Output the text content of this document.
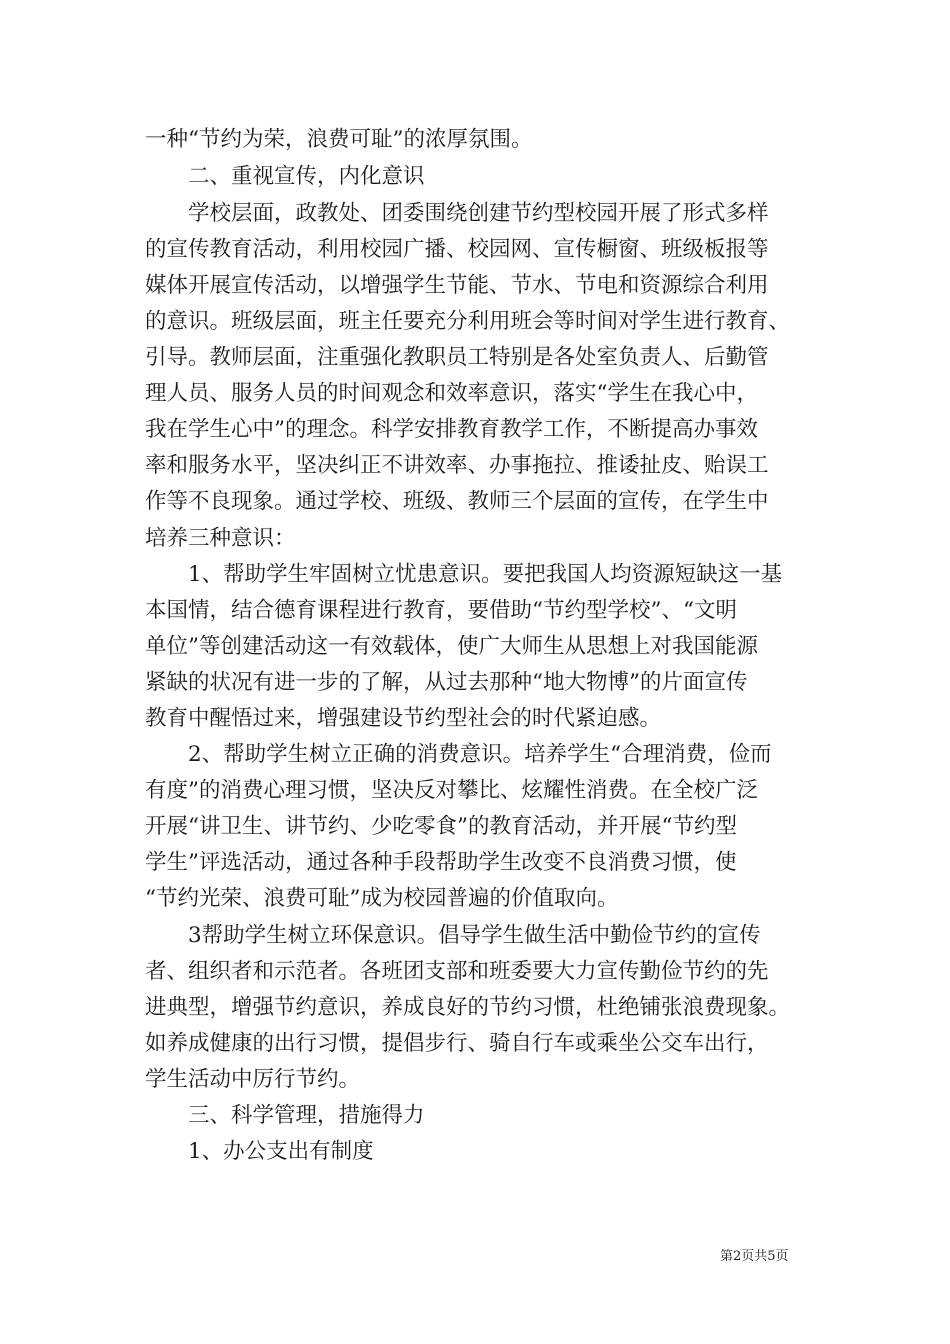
一种“节约为荣，浪费可耻”的浓厚氛围。
　　二、重视宣传，内化意识
　　学校层面，政教处、团委围绕创建节约型校园开展了形式多样
的宣传教育活动，利用校园广播、校园网、宣传橱窗、班级板报等
媒体开展宣传活动，以增强学生节能、节水、节电和资源综合利用
的意识。班级层面，班主任要充分利用班会等时间对学生进行教育、
引导。教师层面，注重强化教职员工特别是各处室负责人、后勤管
理人员、服务人员的时间观念和效率意识，落实“学生在我心中，
我在学生心中”的理念。科学安排教育教学工作，不断提高办事效
率和服务水平，坚决纠正不讲效率、办事拖拉、推诿扯皮、贻误工
作等不良现象。通过学校、班级、教师三个层面的宣传，在学生中
培养三种意识：
　　1、帮助学生牢固树立忧患意识。要把我国人均资源短缺这一基
本国情，结合德育课程进行教育，要借助“节约型学校”、“文明
单位”等创建活动这一有效载体，使广大师生从思想上对我国能源
紧缺的状况有进一步的了解，从过去那种“地大物博”的片面宣传
教育中醒悟过来，增强建设节约型社会的时代紧迫感。
　　2、帮助学生树立正确的消费意识。培养学生“合理消费，俭而
有度”的消费心理习惯，坚决反对攀比、炫耀性消费。在全校广泛
开展“讲卫生、讲节约、少吃零食”的教育活动，并开展“节约型
学生”评选活动，通过各种手段帮助学生改变不良消费习惯，使
“节约光荣、浪费可耻”成为校园普遍的价值取向。
　　3帮助学生树立环保意识。倡导学生做生活中勤俭节约的宣传
者、组织者和示范者。各班团支部和班委要大力宣传勤俭节约的先
进典型，增强节约意识，养成良好的节约习惯，杜绝铺张浪费现象。
如养成健康的出行习惯，提倡步行、骑自行车或乘坐公交车出行，
学生活动中厉行节约。
　　三、科学管理，措施得力
　　1、办公支出有制度
第2页共5页
